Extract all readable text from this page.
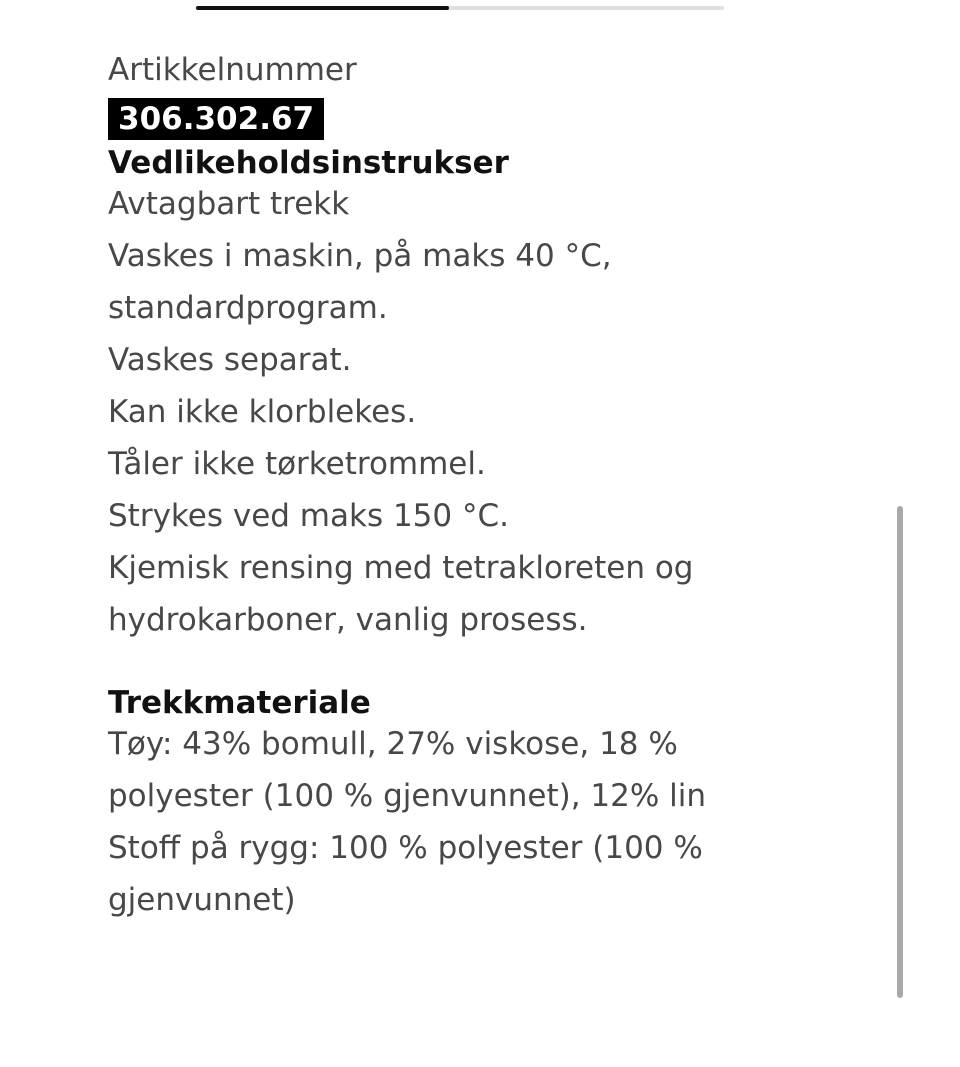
Artikkelnummer

306.302.67

Vedlikeholdsinstrukser

Avtagbart trekk

Vaskes i maskin, på maks 40 °C,

standardprogram.

Vaskes separat.

Kan ikke klorblekes.

Tåler ikke tørketrommel.

Strykes ved maks 150 °C.

Kjemisk rensing med tetrakloreten og

hydrokarboner, vanlig prosess.

Trekkmateriale

Tøy: 43% bomull, 27% viskose, 18 %

polyester (100 % gjenvunnet), 12% lin

Stoff på rygg: 100 % polyester (100 %

gjenvunnet)
